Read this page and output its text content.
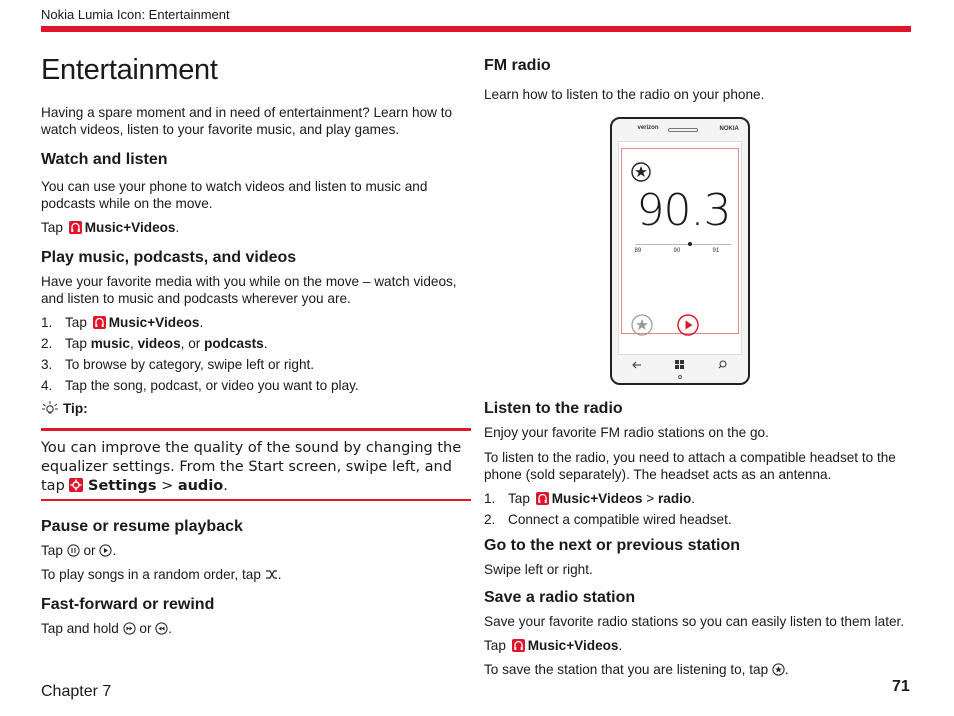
Nokia Lumia Icon: Entertainment
Entertainment

Having a spare moment and in need of entertainment? Learn how to watch videos, listen to your favorite music, and play games.

Watch and listen

You can use your phone to watch videos and listen to music and podcasts while on the move.

Tap Music+Videos.

Play music, podcasts, and videos

Have your favorite media with you while on the move – watch videos, and listen to music and podcasts wherever you are.

1. Tap Music+Videos.
2. Tap music, videos, or podcasts.
3. To browse by category, swipe left or right.
4. Tap the song, podcast, or video you want to play.
Tip:

You can improve the quality of the sound by changing the equalizer settings. From the Start screen, swipe left, and tap Settings > audio.

Pause or resume playback

Tap or .

To play songs in a random order, tap .

Fast-forward or rewind

Tap and hold or .

FM radio

Learn how to listen to the radio on your phone.

verizon	NOKIA
90.3
89	90	91
Listen to the radio

Enjoy your favorite FM radio stations on the go.

To listen to the radio, you need to attach a compatible headset to the phone (sold separately). The headset acts as an antenna.

1. Tap Music+Videos > radio.
2. Connect a compatible wired headset.
Go to the next or previous station

Swipe left or right.

Save a radio station

Save your favorite radio stations so you can easily listen to them later.

Tap Music+Videos.

To save the station that you are listening to, tap .

Chapter 7	71
